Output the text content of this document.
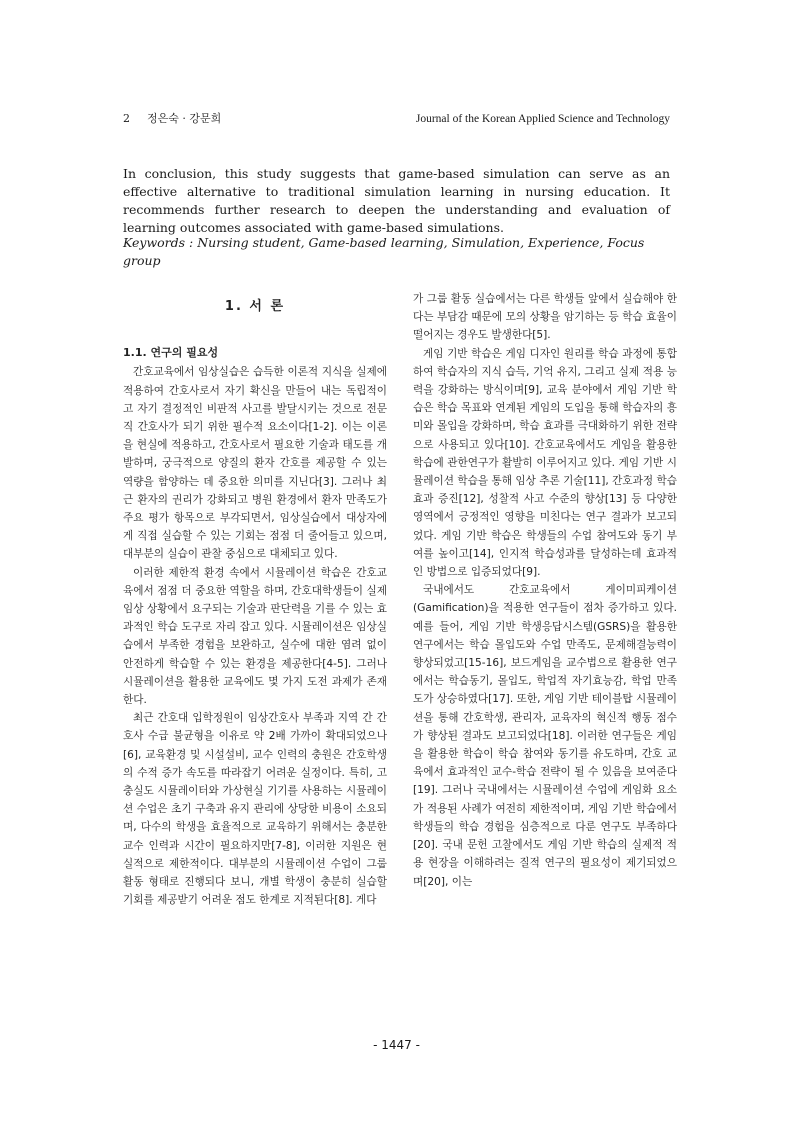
2 정은숙 · 강문희	Journal of the Korean Applied Science and Technology

In conclusion, this study suggests that game-based simulation can serve as an effective alternative to traditional simulation learning in nursing education. It recommends further research to deepen the understanding and evaluation of learning outcomes associated with game-based simulations.

Keywords : Nursing student, Game-based learning, Simulation, Experience, Focus group
1. 서 론
1.1. 연구의 필요성

간호교육에서 임상실습은 습득한 이론적 지식을 실제에 적용하여 간호사로서 자기 확신을 만들어 내는 독립적이고 자기 결정적인 비판적 사고를 발달시키는 것으로 전문직 간호사가 되기 위한 필수적 요소이다[1-2]. 이는 이론을 현실에 적용하고, 간호사로서 필요한 기술과 태도를 개발하며, 궁극적으로 양질의 환자 간호를 제공할 수 있는 역량을 함양하는 데 중요한 의미를 지닌다[3]. 그러나 최근 환자의 권리가 강화되고 병원 환경에서 환자 만족도가 주요 평가 항목으로 부각되면서, 임상실습에서 대상자에게 직접 실습할 수 있는 기회는 점점 더 줄어들고 있으며, 대부분의 실습이 관찰 중심으로 대체되고 있다.

이러한 제한적 환경 속에서 시뮬레이션 학습은 간호교육에서 점점 더 중요한 역할을 하며, 간호대학생들이 실제 임상 상황에서 요구되는 기술과 판단력을 기를 수 있는 효과적인 학습 도구로 자리 잡고 있다. 시뮬레이션은 임상실습에서 부족한 경험을 보완하고, 실수에 대한 염려 없이 안전하게 학습할 수 있는 환경을 제공한다[4-5]. 그러나 시뮬레이션을 활용한 교육에도 몇 가지 도전 과제가 존재한다.

최근 간호대 입학정원이 임상간호사 부족과 지역 간 간호사 수급 불균형을 이유로 약 2배 가까이 확대되었으나[6], 교육환경 및 시설설비, 교수 인력의 충원은 간호학생의 수적 증가 속도를 따라잡기 어려운 실정이다. 특히, 고충실도 시뮬레이터와 가상현실 기기를 사용하는 시뮬레이션 수업은 초기 구축과 유지 관리에 상당한 비용이 소요되며, 다수의 학생을 효율적으로 교육하기 위해서는 충분한 교수 인력과 시간이 필요하지만[7-8], 이러한 지원은 현실적으로 제한적이다. 대부분의 시뮬레이션 수업이 그룹 활동 형태로 진행되다 보니, 개별 학생이 충분히 실습할 기회를 제공받기 어려운 점도 한계로 지적된다[8]. 게다

가 그룹 활동 실습에서는 다른 학생들 앞에서 실습해야 한다는 부담감 때문에 모의 상황을 암기하는 등 학습 효율이 떨어지는 경우도 발생한다[5].

게임 기반 학습은 게임 디자인 원리를 학습 과정에 통합하여 학습자의 지식 습득, 기억 유지, 그리고 실제 적용 능력을 강화하는 방식이며[9], 교육 분야에서 게임 기반 학습은 학습 목표와 연계된 게임의 도입을 통해 학습자의 흥미와 몰입을 강화하며, 학습 효과를 극대화하기 위한 전략으로 사용되고 있다[10]. 간호교육에서도 게임을 활용한 학습에 관한연구가 활발히 이루어지고 있다. 게임 기반 시뮬레이션 학습을 통해 임상 추론 기술[11], 간호과정 학습 효과 증진[12], 성찰적 사고 수준의 향상[13] 등 다양한 영역에서 긍정적인 영향을 미친다는 연구 결과가 보고되었다. 게임 기반 학습은 학생들의 수업 참여도와 동기 부여를 높이고[14], 인지적 학습성과를 달성하는데 효과적인 방법으로 입증되었다[9].

국내에서도 간호교육에서 게이미피케이션(Gamification)을 적용한 연구들이 점차 증가하고 있다. 예를 들어, 게임 기반 학생응답시스템(GSRS)을 활용한 연구에서는 학습 몰입도와 수업 만족도, 문제해결능력이 향상되었고[15-16], 보드게임을 교수법으로 활용한 연구에서는 학습동기, 몰입도, 학업적 자기효능감, 학업 만족도가 상승하였다[17]. 또한, 게임 기반 테이블탑 시뮬레이션을 통해 간호학생, 관리자, 교육자의 혁신적 행동 점수가 향상된 결과도 보고되었다[18]. 이러한 연구들은 게임을 활용한 학습이 학습 참여와 동기를 유도하며, 간호 교육에서 효과적인 교수-학습 전략이 될 수 있음을 보여준다[19]. 그러나 국내에서는 시뮬레이션 수업에 게임화 요소가 적용된 사례가 여전히 제한적이며, 게임 기반 학습에서 학생들의 학습 경험을 심층적으로 다룬 연구도 부족하다[20]. 국내 문헌 고찰에서도 게임 기반 학습의 실제적 적용 현장을 이해하려는 질적 연구의 필요성이 제기되었으며[20], 이는

- 1447 -
